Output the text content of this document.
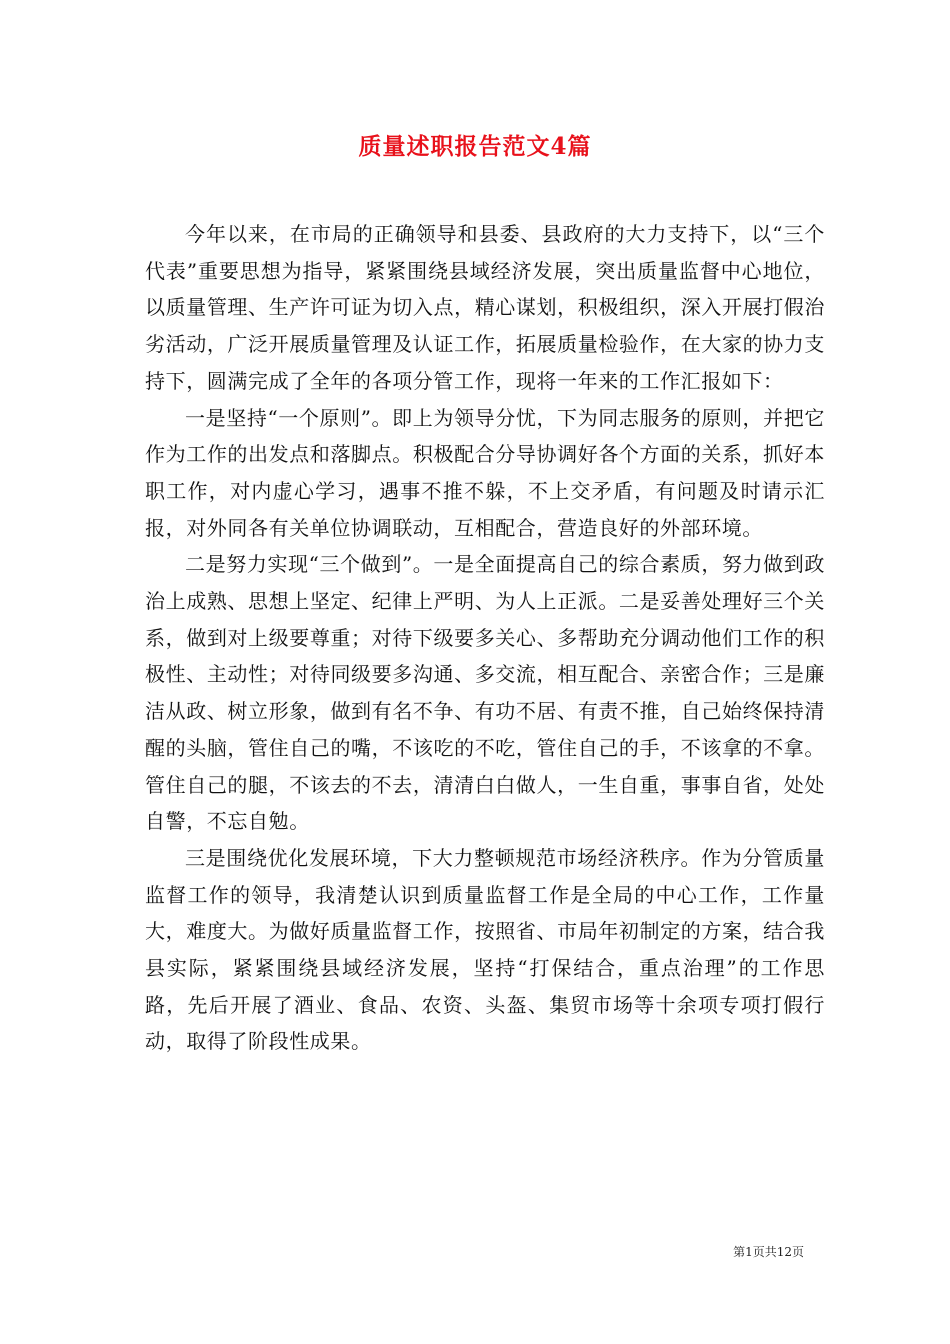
质量述职报告范文4篇

今年以来，在市局的正确领导和县委、县政府的大力支持下，以“三个代表”重要思想为指导，紧紧围绕县域经济发展，突出质量监督中心地位，以质量管理、生产许可证为切入点，精心谋划，积极组织，深入开展打假治劣活动，广泛开展质量管理及认证工作，拓展质量检验作，在大家的协力支持下，圆满完成了全年的各项分管工作，现将一年来的工作汇报如下：

一是坚持“一个原则”。即上为领导分忧，下为同志服务的原则，并把它作为工作的出发点和落脚点。积极配合分导协调好各个方面的关系，抓好本职工作，对内虚心学习，遇事不推不躲，不上交矛盾，有问题及时请示汇报，对外同各有关单位协调联动，互相配合，营造良好的外部环境。

二是努力实现“三个做到”。一是全面提高自己的综合素质，努力做到政治上成熟、思想上坚定、纪律上严明、为人上正派。二是妥善处理好三个关系，做到对上级要尊重；对待下级要多关心、多帮助充分调动他们工作的积极性、主动性；对待同级要多沟通、多交流，相互配合、亲密合作；三是廉洁从政、树立形象，做到有名不争、有功不居、有责不推，自己始终保持清醒的头脑，管住自己的嘴，不该吃的不吃，管住自己的手，不该拿的不拿。管住自己的腿，不该去的不去，清清白白做人，一生自重，事事自省，处处自警，不忘自勉。

三是围绕优化发展环境，下大力整顿规范市场经济秩序。作为分管质量监督工作的领导，我清楚认识到质量监督工作是全局的中心工作，工作量大，难度大。为做好质量监督工作，按照省、市局年初制定的方案，结合我县实际，紧紧围绕县域经济发展，坚持“打保结合，重点治理”的工作思路，先后开展了酒业、食品、农资、头盔、集贸市场等十余项专项打假行动，取得了阶段性成果。

第1页共12页
